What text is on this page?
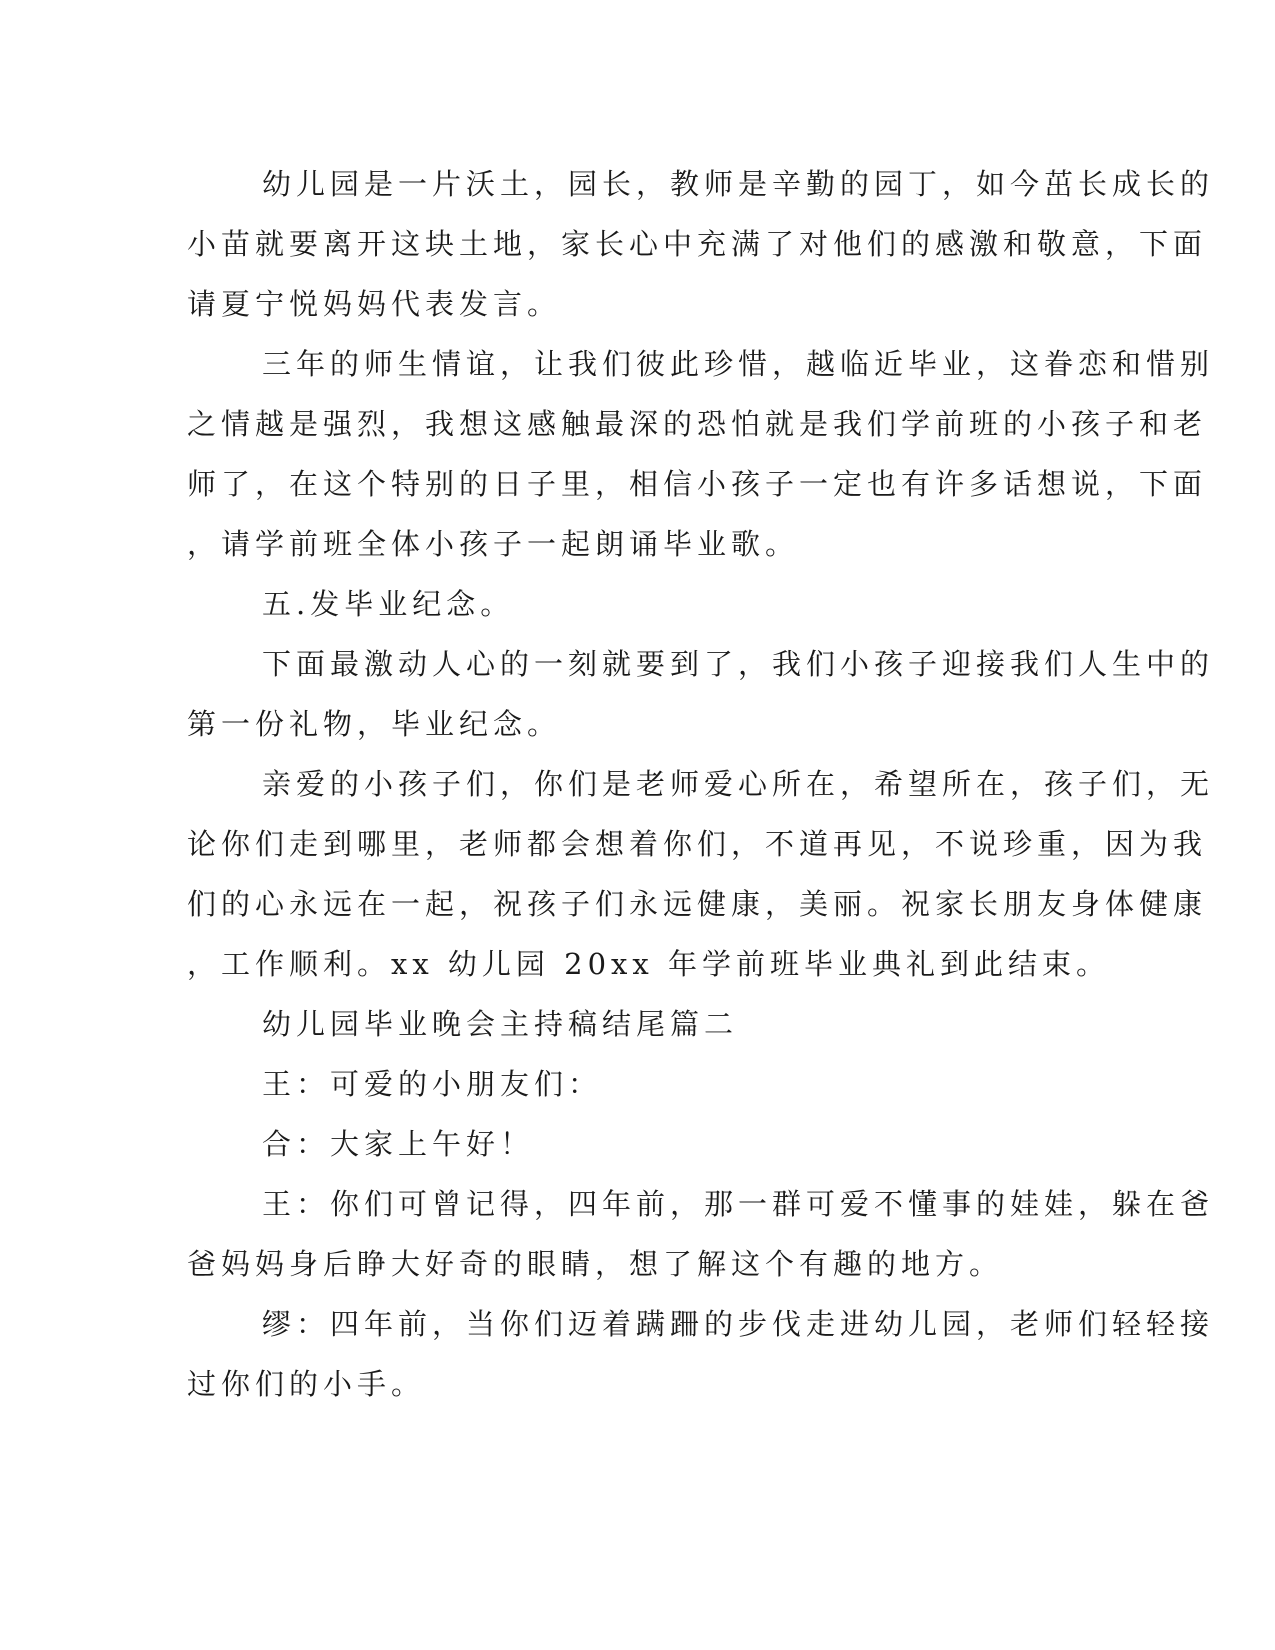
幼儿园是一片沃土，园长，教师是辛勤的园丁，如今茁长成长的
小苗就要离开这块土地，家长心中充满了对他们的感激和敬意，下面
请夏宁悦妈妈代表发言。
三年的师生情谊，让我们彼此珍惜，越临近毕业，这眷恋和惜别
之情越是强烈，我想这感触最深的恐怕就是我们学前班的小孩子和老
师了，在这个特别的日子里，相信小孩子一定也有许多话想说，下面
，请学前班全体小孩子一起朗诵毕业歌。
五.发毕业纪念。
下面最激动人心的一刻就要到了，我们小孩子迎接我们人生中的
第一份礼物，毕业纪念。
亲爱的小孩子们，你们是老师爱心所在，希望所在，孩子们，无
论你们走到哪里，老师都会想着你们，不道再见，不说珍重，因为我
们的心永远在一起，祝孩子们永远健康，美丽。祝家长朋友身体健康
，工作顺利。xx 幼儿园 20xx 年学前班毕业典礼到此结束。
幼儿园毕业晚会主持稿结尾篇二
王：可爱的小朋友们：
合：大家上午好！
王：你们可曾记得，四年前，那一群可爱不懂事的娃娃，躲在爸
爸妈妈身后睁大好奇的眼睛，想了解这个有趣的地方。
缪：四年前，当你们迈着蹒跚的步伐走进幼儿园，老师们轻轻接
过你们的小手。
